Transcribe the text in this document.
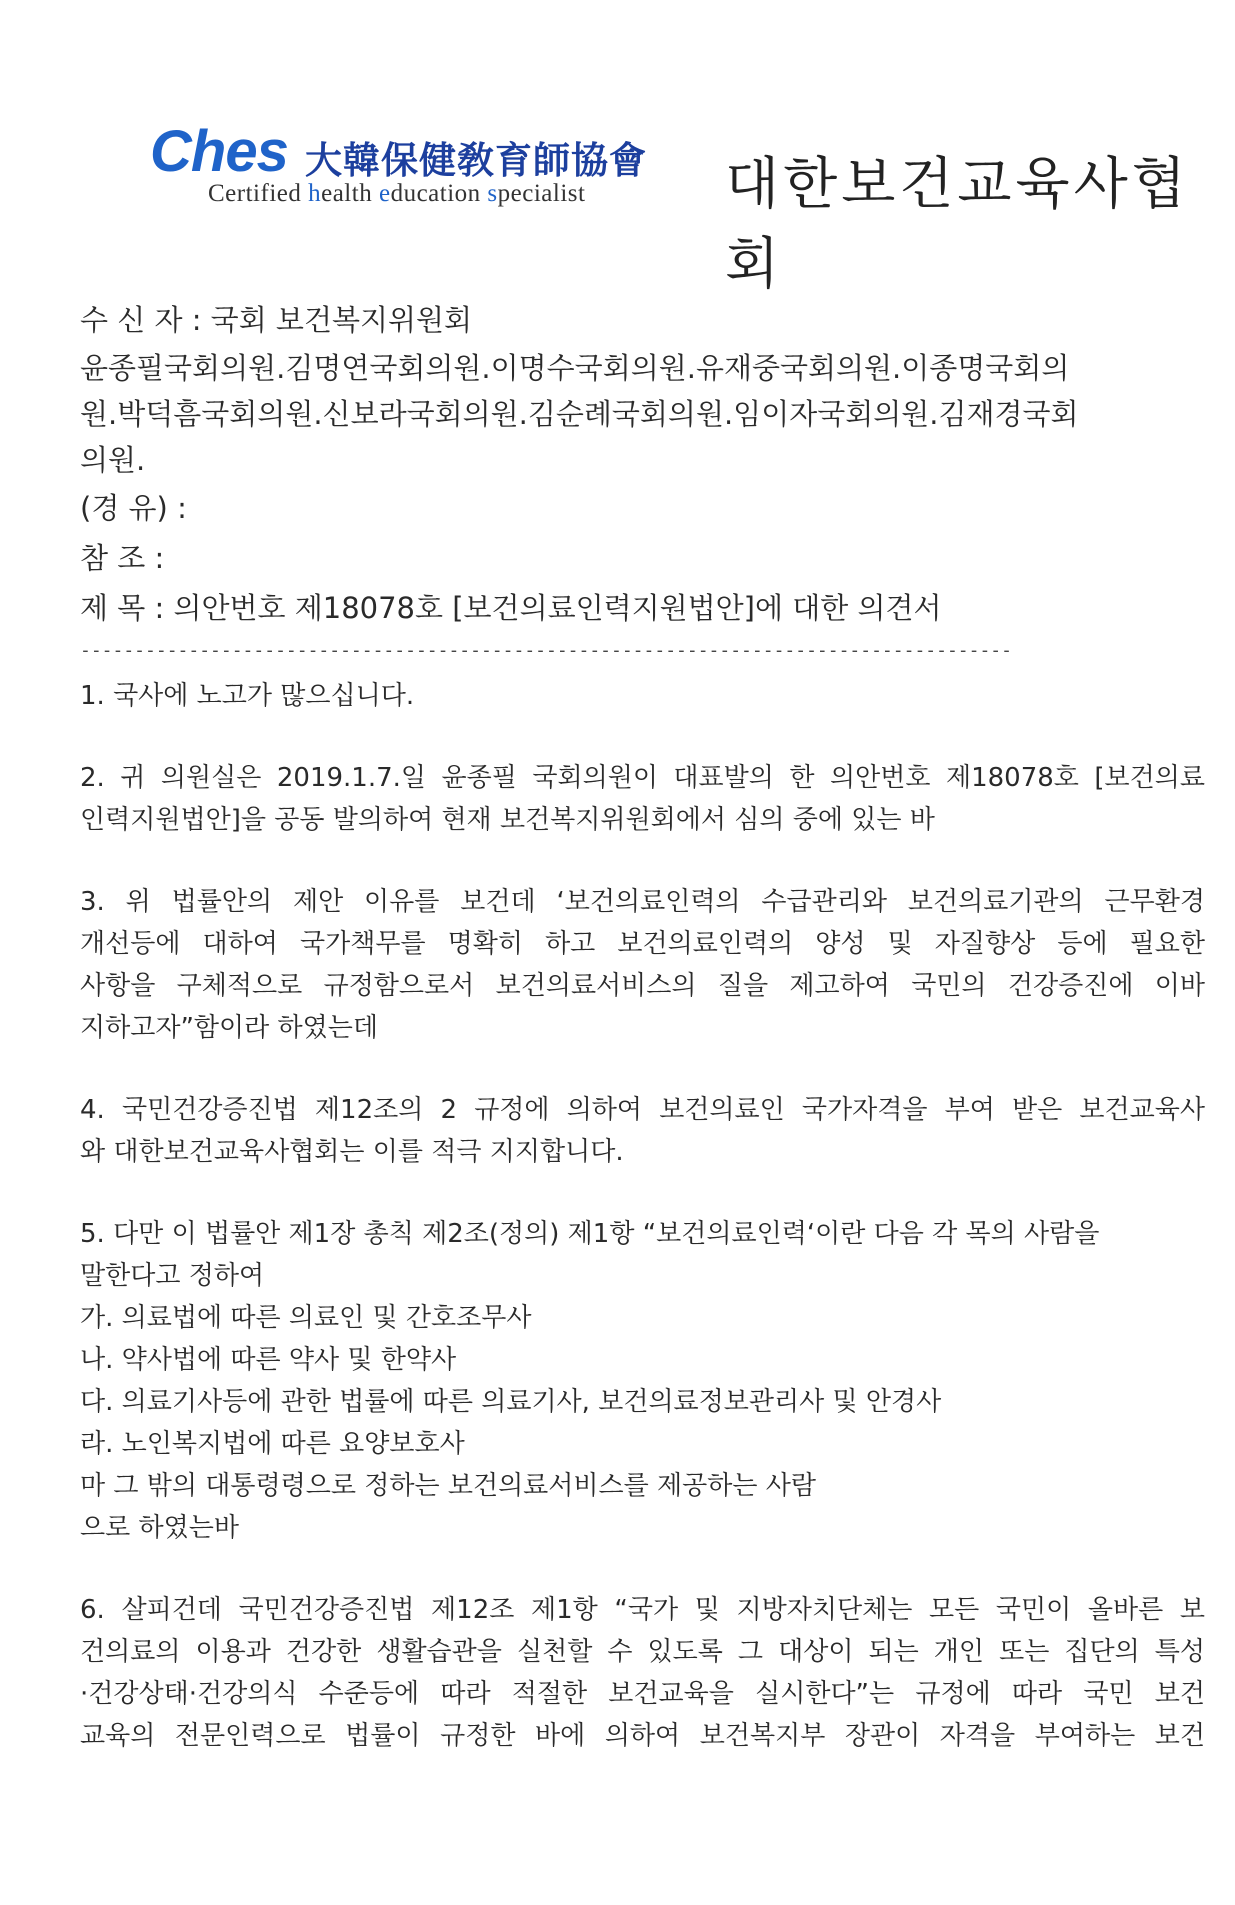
Ches 大韓保健敎育師協會
Certified health education specialist 대한보건교육사협회
수 신 자 : 국회 보건복지위원회
윤종필국회의원.김명연국회의원.이명수국회의원.유재중국회의원.이종명국회의
원.박덕흠국회의원.신보라국회의원.김순례국회의원.임이자국회의원.김재경국회
의원.
(경 유) :
참 조 :
제 목 : 의안번호 제18078호 [보건의료인력지원법안]에 대한 의견서
--------------------------------------------------------------------------------------
1. 국사에 노고가 많으십니다.
2. 귀 의원실은 2019.1.7.일 윤종필 국회의원이 대표발의 한 의안번호 제18078호 [보건의료
인력지원법안]을 공동 발의하여 현재 보건복지위원회에서 심의 중에 있는 바
3. 위 법률안의 제안 이유를 보건데 ‘보건의료인력의 수급관리와 보건의료기관의 근무환경
개선등에 대하여 국가책무를 명확히 하고 보건의료인력의 양성 및 자질향상 등에 필요한
사항을 구체적으로 규정함으로서 보건의료서비스의 질을 제고하여 국민의 건강증진에 이바
지하고자”함이라 하였는데
4. 국민건강증진법 제12조의 2 규정에 의하여 보건의료인 국가자격을 부여 받은 보건교육사
와 대한보건교육사협회는 이를 적극 지지합니다.
5. 다만 이 법률안 제1장 총칙 제2조(정의) 제1항 “보건의료인력‘이란 다음 각 목의 사람을
말한다고 정하여
가. 의료법에 따른 의료인 및 간호조무사
나. 약사법에 따른 약사 및 한약사
다. 의료기사등에 관한 법률에 따른 의료기사, 보건의료정보관리사 및 안경사
라. 노인복지법에 따른 요양보호사
마 그 밖의 대통령령으로 정하는 보건의료서비스를 제공하는 사람
으로 하였는바
6. 살피건데 국민건강증진법 제12조 제1항 “국가 및 지방자치단체는 모든 국민이 올바른 보
건의료의 이용과 건강한 생활습관을 실천할 수 있도록 그 대상이 되는 개인 또는 집단의 특성
·건강상태·건강의식 수준등에 따라 적절한 보건교육을 실시한다”는 규정에 따라 국민 보건
교육의 전문인력으로 법률이 규정한 바에 의하여 보건복지부 장관이 자격을 부여하는 보건
